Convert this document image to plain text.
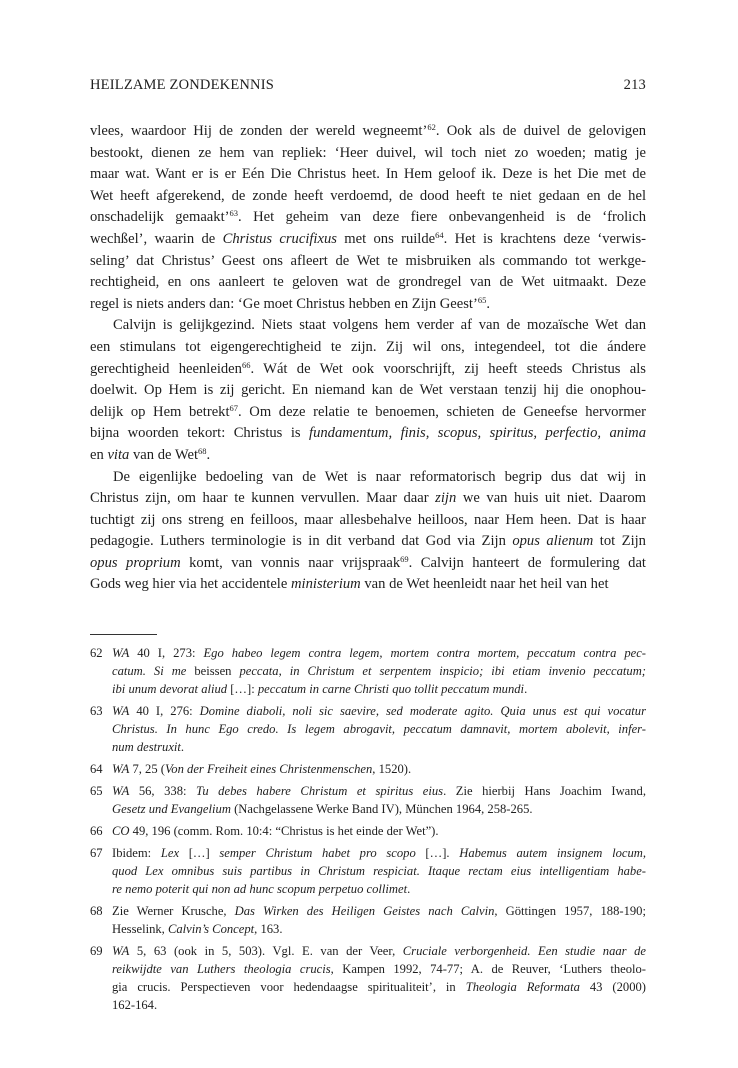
HEILZAME ZONDEKENNIS	213
vlees, waardoor Hij de zonden der wereld wegneemt’$^{62}$. Ook als de duivel de gelovigen
bestookt, dienen ze hem van repliek: ‘Heer duivel, wil toch niet zo woeden; matig je
maar wat. Want er is er Eén Die Christus heet. In Hem geloof ik. Deze is het Die met de
Wet heeft afgerekend, de zonde heeft verdoemd, de dood heeft te niet gedaan en de hel
onschadelijk gemaakt’$^{63}$. Het geheim van deze fiere onbevangenheid is de ‘frolich
wechßel’, waarin de Christus crucifixus met ons ruilde$^{64}$. Het is krachtens deze ‘verwis-
seling’ dat Christus’ Geest ons afleert de Wet te misbruiken als commando tot werkge-
rechtigheid, en ons aanleert te geloven wat de grondregel van de Wet uitmaakt. Deze
regel is niets anders dan: ‘Ge moet Christus hebben en Zijn Geest’$^{65}$.
Calvijn is gelijkgezind. Niets staat volgens hem verder af van de mozaïsche Wet dan
een stimulans tot eigengerechtigheid te zijn. Zij wil ons, integendeel, tot die ándere
gerechtigheid heenleiden$^{66}$. Wát de Wet ook voorschrijft, zij heeft steeds Christus als
doelwit. Op Hem is zij gericht. En niemand kan de Wet verstaan tenzij hij die onophou-
delijk op Hem betrekt$^{67}$. Om deze relatie te benoemen, schieten de Geneefse hervormer
bijna woorden tekort: Christus is fundamentum, finis, scopus, spiritus, perfectio, anima
en vita van de Wet$^{68}$.
De eigenlijke bedoeling van de Wet is naar reformatorisch begrip dus dat wij in
Christus zijn, om haar te kunnen vervullen. Maar daar zijn we van huis uit niet. Daarom
tuchtigt zij ons streng en feilloos, maar allesbehalve heilloos, naar Hem heen. Dat is haar
pedagogie. Luthers terminologie is in dit verband dat God via Zijn opus alienum tot Zijn
opus proprium komt, van vonnis naar vrijspraak$^{69}$. Calvijn hanteert de formulering dat
Gods weg hier via het accidentele ministerium van de Wet heenleidt naar het heil van het
62 WA 40 I, 273: Ego habeo legem contra legem, mortem contra mortem, peccatum contra pec-
catum. Si me beissen peccata, in Christum et serpentem inspicio; ibi etiam invenio peccatum;
ibi unum devorat aliud […]: peccatum in carne Christi quo tollit peccatum mundi.
63 WA 40 I, 276: Domine diaboli, noli sic saevire, sed moderate agito. Quia unus est qui vocatur
Christus. In hunc Ego credo. Is legem abrogavit, peccatum damnavit, mortem abolevit, infer-
num destruxit.
64 WA 7, 25 (Von der Freiheit eines Christenmenschen, 1520).
65 WA 56, 338: Tu debes habere Christum et spiritus eius. Zie hierbij Hans Joachim Iwand,
Gesetz und Evangelium (Nachgelassene Werke Band IV), München 1964, 258-265.
66 CO 49, 196 (comm. Rom. 10:4: “Christus is het einde der Wet”).
67 Ibidem: Lex […] semper Christum habet pro scopo […]. Habemus autem insignem locum,
quod Lex omnibus suis partibus in Christum respiciat. Itaque rectam eius intelligentiam habe-
re nemo poterit qui non ad hunc scopum perpetuo collimet.
68 Zie Werner Krusche, Das Wirken des Heiligen Geistes nach Calvin, Göttingen 1957, 188-190;
Hesselink, Calvin’s Concept, 163.
69 WA 5, 63 (ook in 5, 503). Vgl. E. van der Veer, Cruciale verborgenheid. Een studie naar de
reikwijdte van Luthers theologia crucis, Kampen 1992, 74-77; A. de Reuver, ‘Luthers theolo-
gia crucis. Perspectieven voor hedendaagse spiritualiteit’, in Theologia Reformata 43 (2000)
162-164.
